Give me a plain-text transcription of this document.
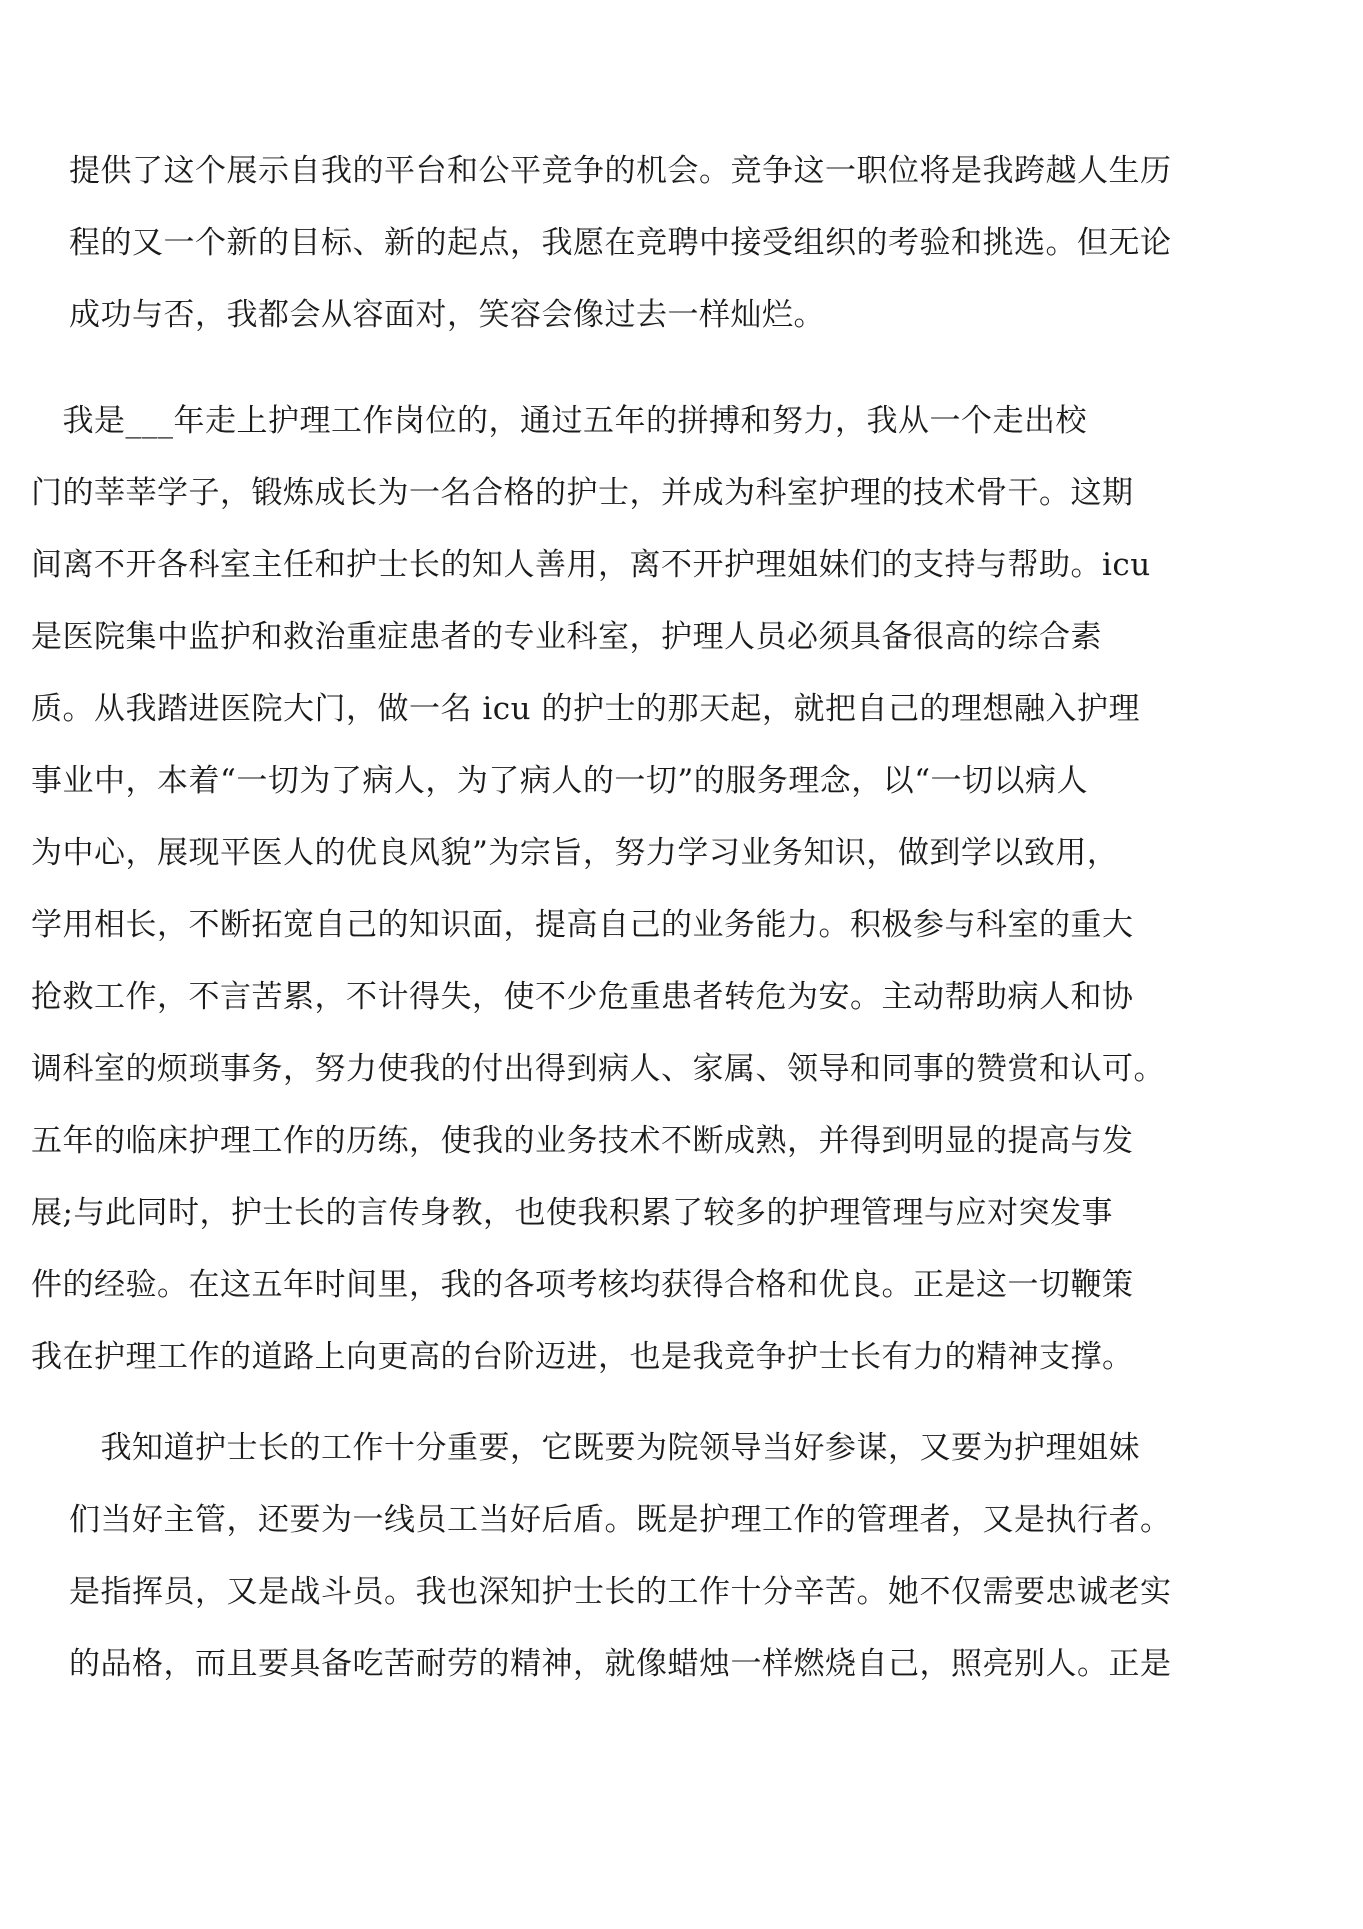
提供了这个展示自我的平台和公平竞争的机会。竞争这一职位将是我跨越人生历
程的又一个新的目标、新的起点，我愿在竞聘中接受组织的考验和挑选。但无论
成功与否，我都会从容面对，笑容会像过去一样灿烂。
　我是___年走上护理工作岗位的，通过五年的拼搏和努力，我从一个走出校
门的莘莘学子，锻炼成长为一名合格的护士，并成为科室护理的技术骨干。这期
间离不开各科室主任和护士长的知人善用，离不开护理姐妹们的支持与帮助。icu
是医院集中监护和救治重症患者的专业科室，护理人员必须具备很高的综合素
质。从我踏进医院大门，做一名 icu 的护士的那天起，就把自己的理想融入护理
事业中，本着“一切为了病人，为了病人的一切”的服务理念，以“一切以病人
为中心，展现平医人的优良风貌”为宗旨，努力学习业务知识，做到学以致用，
学用相长，不断拓宽自己的知识面，提高自己的业务能力。积极参与科室的重大
抢救工作，不言苦累，不计得失，使不少危重患者转危为安。主动帮助病人和协
调科室的烦琐事务，努力使我的付出得到病人、家属、领导和同事的赞赏和认可。
五年的临床护理工作的历练，使我的业务技术不断成熟，并得到明显的提高与发
展;与此同时，护士长的言传身教，也使我积累了较多的护理管理与应对突发事
件的经验。在这五年时间里，我的各项考核均获得合格和优良。正是这一切鞭策
我在护理工作的道路上向更高的台阶迈进，也是我竞争护士长有力的精神支撑。
　我知道护士长的工作十分重要，它既要为院领导当好参谋，又要为护理姐妹
们当好主管，还要为一线员工当好后盾。既是护理工作的管理者，又是执行者。
是指挥员，又是战斗员。我也深知护士长的工作十分辛苦。她不仅需要忠诚老实
的品格，而且要具备吃苦耐劳的精神，就像蜡烛一样燃烧自己，照亮别人。正是
